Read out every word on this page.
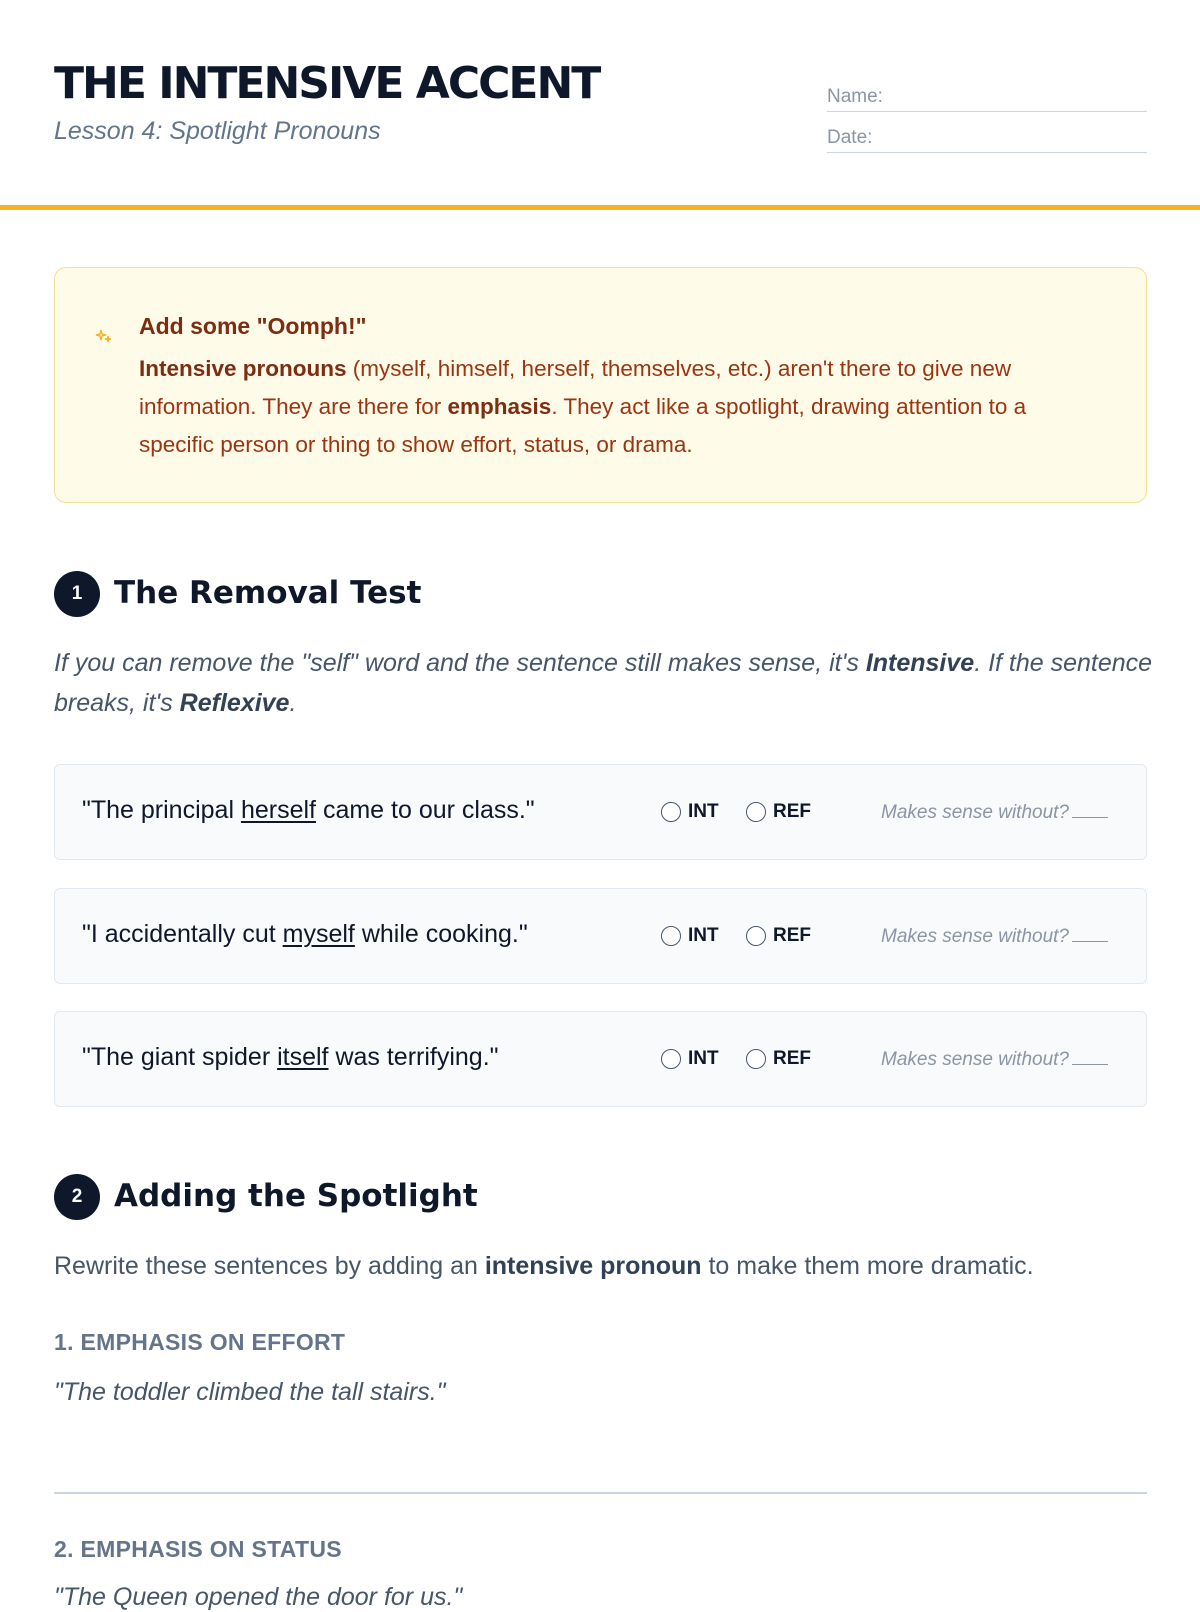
THE INTENSIVE ACCENT
Lesson 4: Spotlight Pronouns
Name:
Date:
Add some "Oomph!"
Intensive pronouns (myself, himself, herself, themselves, etc.) aren't there to give new information. They are there for emphasis. They act like a spotlight, drawing attention to a specific person or thing to show effort, status, or drama.
1	The Removal Test
If you can remove the "self" word and the sentence still makes sense, it's Intensive. If the sentence breaks, it's Reflexive.
"The principal herself came to our class."	INT	REF	Makes sense without?
"I accidentally cut myself while cooking."	INT	REF	Makes sense without?
"The giant spider itself was terrifying."	INT	REF	Makes sense without?
2	Adding the Spotlight
Rewrite these sentences by adding an intensive pronoun to make them more dramatic.
1. EMPHASIS ON EFFORT
"The toddler climbed the tall stairs."
2. EMPHASIS ON STATUS
"The Queen opened the door for us."
